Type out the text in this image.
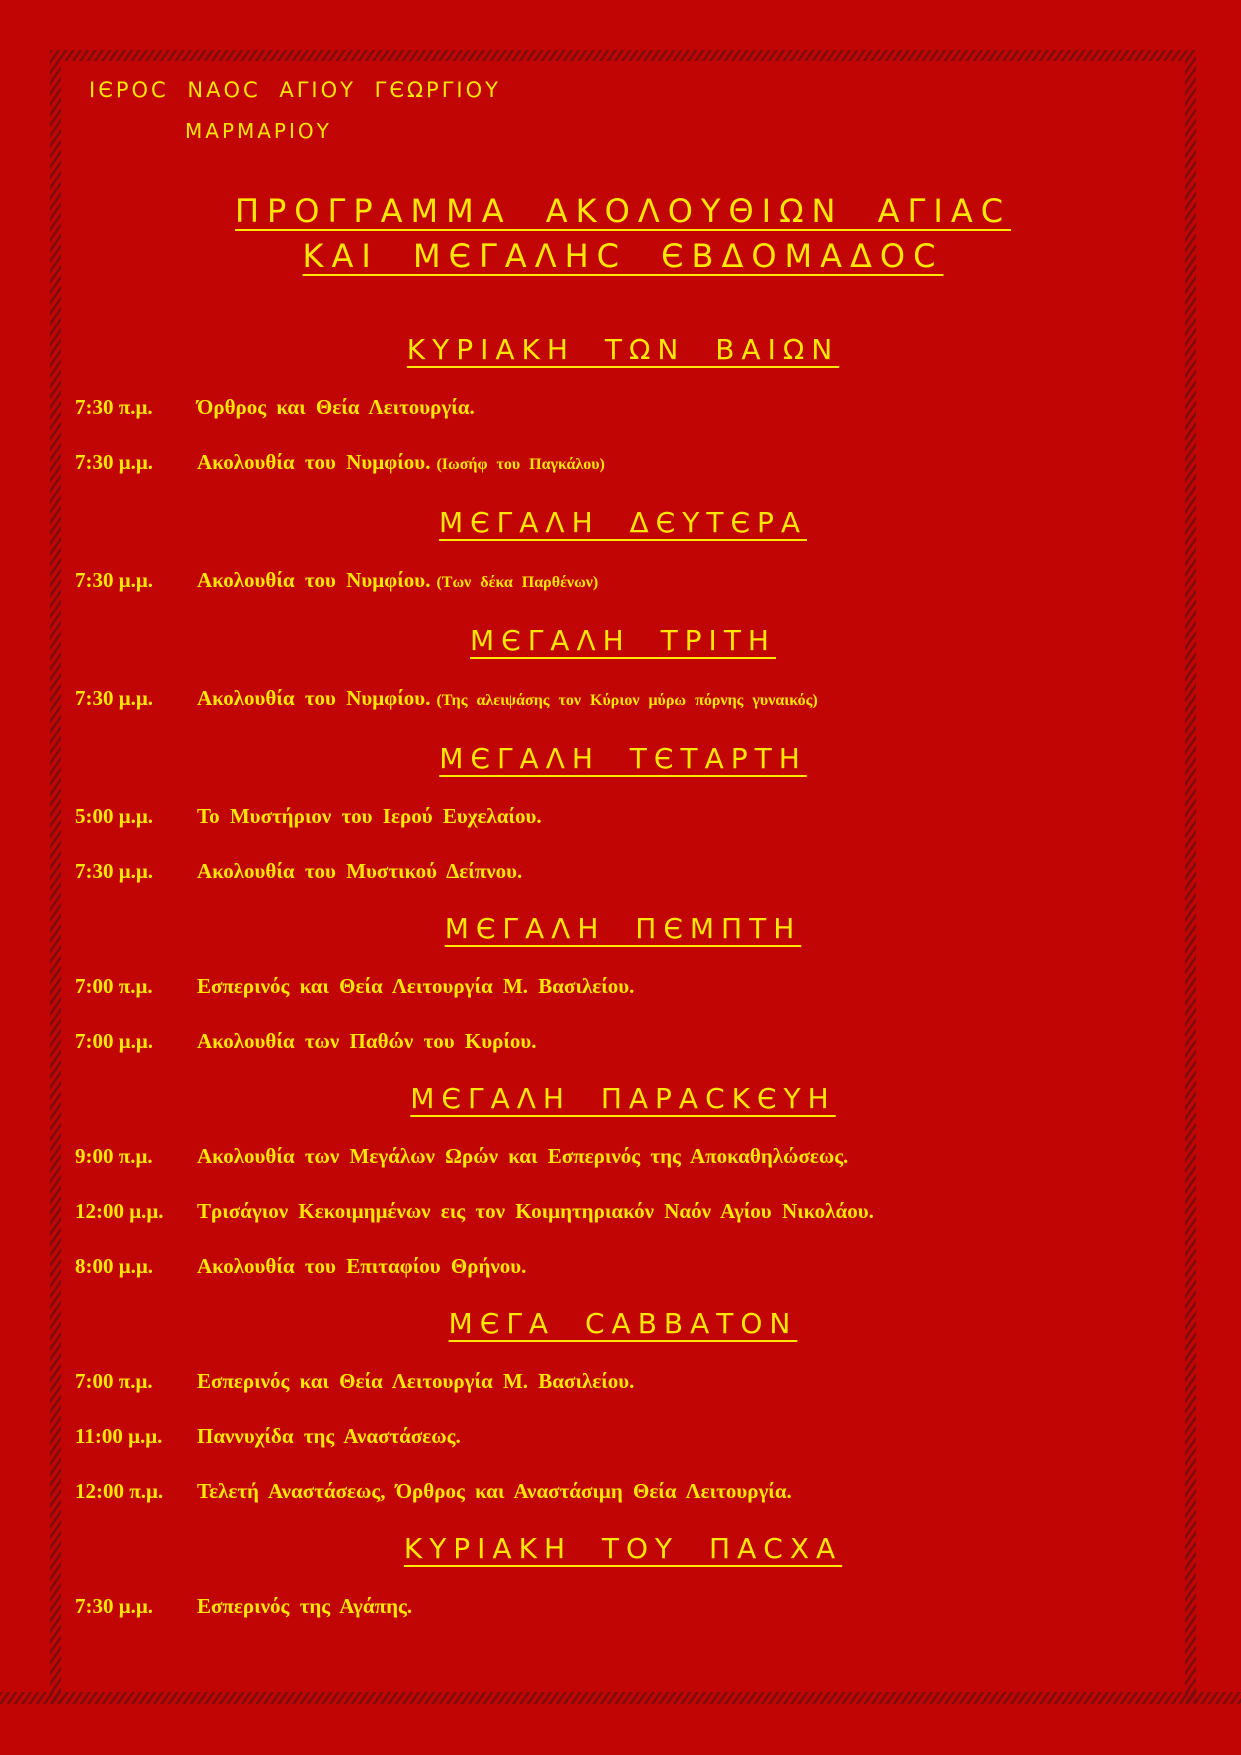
ΙЄΡΟϹ ΝΑΟϹ ΑΓΙΟΥ ΓЄΩΡΓΙΟΥ
ΜΑΡΜΑΡΙΟΥ
ΠΡΟΓΡΑΜΜΑ ΑΚΟΛΟΥΘΙΩΝ ΑΓΙΑϹ
ΚΑΙ ΜЄΓΑΛΗϹ ЄΒΔΟΜΑΔΟϹ
ΚΥΡΙΑΚΗ ΤΩΝ ΒΑΙΩΝ
7:30 π.μ.	Όρθρος και Θεία Λειτουργία.
7:30 μ.μ.	Ακολουθία του Νυμφίου. (Ιωσήφ του Παγκάλου)
ΜЄΓΑΛΗ ΔЄΥΤЄΡΑ
7:30 μ.μ.	Ακολουθία του Νυμφίου. (Των δέκα Παρθένων)
ΜЄΓΑΛΗ ΤΡΙΤΗ
7:30 μ.μ.	Ακολουθία του Νυμφίου. (Της αλειψάσης τον Κύριον μύρω πόρνης γυναικός)
ΜЄΓΑΛΗ ΤЄΤΑΡΤΗ
5:00 μ.μ.	Το Μυστήριον του Ιερού Ευχελαίου.
7:30 μ.μ.	Ακολουθία του Μυστικού Δείπνου.
ΜЄΓΑΛΗ ΠЄΜΠΤΗ
7:00 π.μ.	Εσπερινός και Θεία Λειτουργία Μ. Βασιλείου.
7:00 μ.μ.	Ακολουθία των Παθών του Κυρίου.
ΜЄΓΑΛΗ ΠΑΡΑϹΚЄΥΗ
9:00 π.μ.	Ακολουθία των Μεγάλων Ωρών και Εσπερινός της Αποκαθηλώσεως.
12:00 μ.μ.	Τρισάγιον Κεκοιμημένων εις τον Κοιμητηριακόν Ναόν Αγίου Νικολάου.
8:00 μ.μ.	Ακολουθία του Επιταφίου Θρήνου.
ΜЄΓΑ ϹΑΒΒΑΤΟΝ
7:00 π.μ.	Εσπερινός και Θεία Λειτουργία Μ. Βασιλείου.
11:00 μ.μ.	Παννυχίδα της Αναστάσεως.
12:00 π.μ.	Τελετή Αναστάσεως, Όρθρος και Αναστάσιμη Θεία Λειτουργία.
ΚΥΡΙΑΚΗ ΤΟΥ ΠΑϹΧΑ
7:30 μ.μ.	Εσπερινός της Αγάπης.
